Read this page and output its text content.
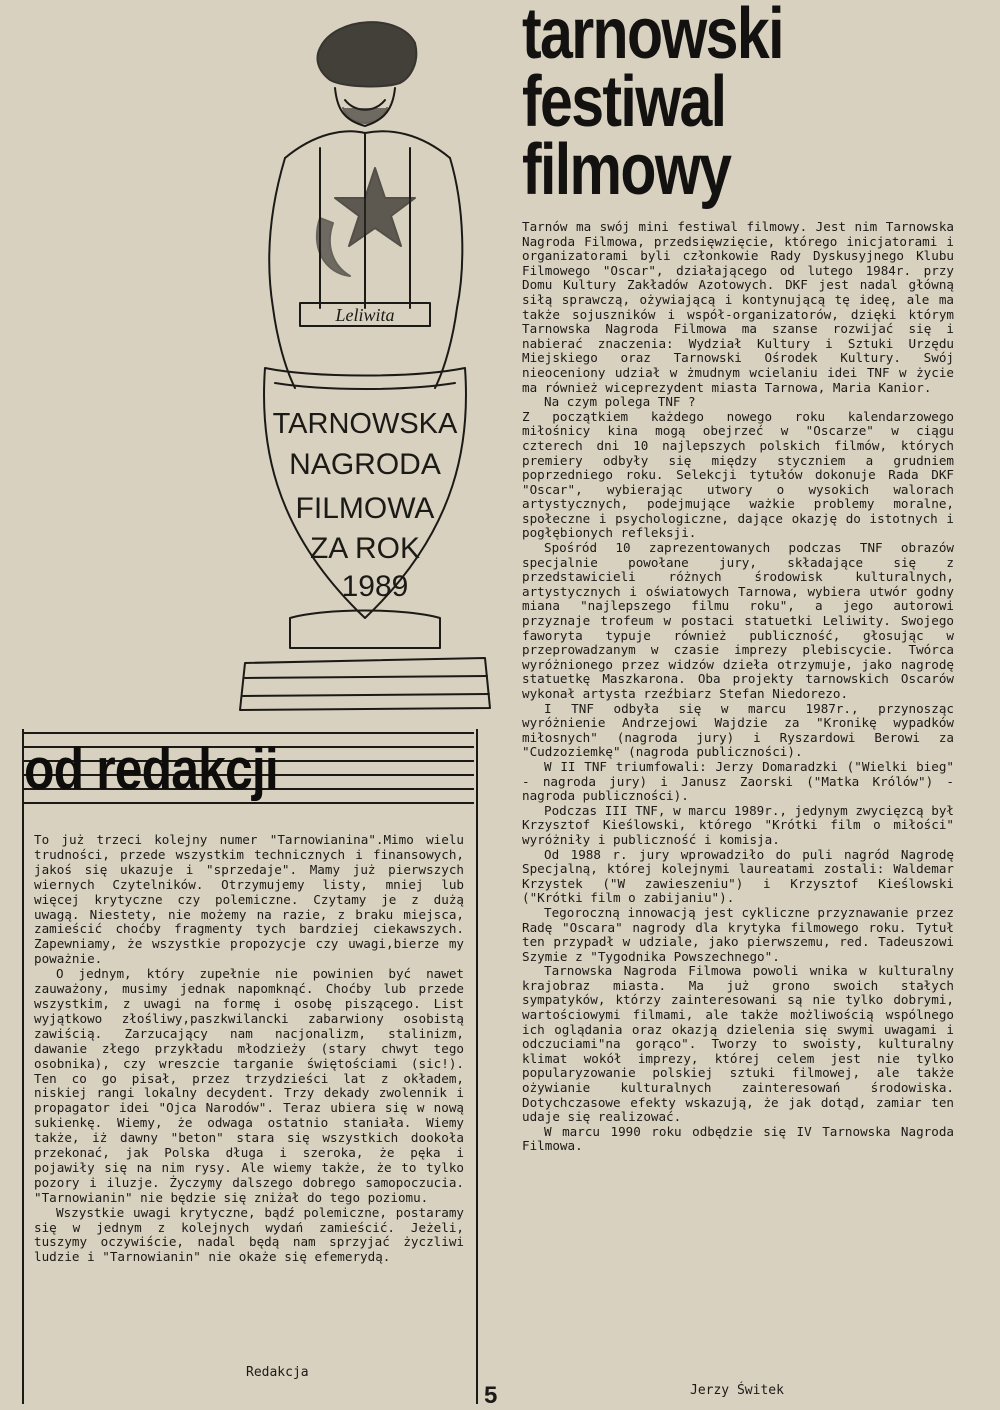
Leliwita
TARNOWSKA
NAGRODA
FILMOWA
ZA ROK
1989
tarnowski
festiwal
filmowy

Tarnów ma swój mini festiwal filmowy. Jest nim Tarnowska Nagroda Filmowa, przedsięwzięcie, którego inicjatorami i organizatorami byli członkowie Rady Dyskusyjnego Klubu Filmowego "Oscar", działającego od lutego 1984r. przy Domu Kultury Zakładów Azotowych. DKF jest nadal główną siłą sprawczą, ożywiającą i kontynującą tę ideę, ale ma także sojuszników i współ-organizatorów, dzięki którym Tarnowska Nagroda Filmowa ma szanse rozwijać się i nabierać znaczenia: Wydział Kultury i Sztuki Urzędu Miejskiego oraz Tarnowski Ośrodek Kultury. Swój nieoceniony udział w żmudnym wcielaniu idei TNF w życie ma również wiceprezydent miasta Tarnowa, Maria Kanior.

Na czym polega TNF ?

Z początkiem każdego nowego roku kalendarzowego miłośnicy kina mogą obejrzeć w "Oscarze" w ciągu czterech dni 10 najlepszych polskich filmów, których premiery odbyły się między styczniem a grudniem poprzedniego roku. Selekcji tytułów dokonuje Rada DKF "Oscar", wybierając utwory o wysokich walorach artystycznych, podejmujące ważkie problemy moralne, społeczne i psychologiczne, dające okazję do istotnych i pogłębionych refleksji.

Spośród 10 zaprezentowanych podczas TNF obrazów specjalnie powołane jury, składające się z przedstawicieli różnych środowisk kulturalnych, artystycznych i oświatowych Tarnowa, wybiera utwór godny miana "najlepszego filmu roku", a jego autorowi przyznaje trofeum w postaci statuetki Leliwity. Swojego faworyta typuje również publiczność, głosując w przeprowadzanym w czasie imprezy plebiscycie. Twórca wyróżnionego przez widzów dzieła otrzymuje, jako nagrodę statuetkę Maszkarona. Oba projekty tarnowskich Oscarów wykonał artysta rzeźbiarz Stefan Niedorezo.

I TNF odbyła się w marcu 1987r., przynosząc wyróżnienie Andrzejowi Wajdzie za "Kronikę wypadków miłosnych" (nagroda jury) i Ryszardowi Berowi za "Cudzoziemkę" (nagroda publiczności).

W II TNF triumfowali: Jerzy Domaradzki ("Wielki bieg" - nagroda jury) i Janusz Zaorski ("Matka Królów") - nagroda publiczności).

Podczas III TNF, w marcu 1989r., jedynym zwycięzcą był Krzysztof Kieślowski, którego "Krótki film o miłości" wyróżniły i publiczność i komisja.

Od 1988 r. jury wprowadziło do puli nagród Nagrodę Specjalną, której kolejnymi laureatami zostali: Waldemar Krzystek ("W zawieszeniu") i Krzysztof Kieślowski ("Krótki film o zabijaniu").

Tegoroczną innowacją jest cykliczne przyznawanie przez Radę "Oscara" nagrody dla krytyka filmowego roku. Tytuł ten przypadł w udziale, jako pierwszemu, red. Tadeuszowi Szymie z "Tygodnika Powszechnego".

Tarnowska Nagroda Filmowa powoli wnika w kulturalny krajobraz miasta. Ma już grono swoich stałych sympatyków, którzy zainteresowani są nie tylko dobrymi, wartościowymi filmami, ale także możliwością wspólnego ich oglądania oraz okazją dzielenia się swymi uwagami i odczuciami"na gorąco". Tworzy to swoisty, kulturalny klimat wokół imprezy, której celem jest nie tylko popularyzowanie polskiej sztuki filmowej, ale także ożywianie kulturalnych zainteresowań środowiska. Dotychczasowe efekty wskazują, że jak dotąd, zamiar ten udaje się realizować.

W marcu 1990 roku odbędzie się IV Tarnowska Nagroda Filmowa.

Jerzy Świtek
od redakcji

To już trzeci kolejny numer "Tarnowianina".Mimo wielu trudności, przede wszystkim technicznych i finansowych, jakoś się ukazuje i "sprzedaje". Mamy już pierwszych wiernych Czytelników. Otrzymujemy listy, mniej lub więcej krytyczne czy polemiczne. Czytamy je z dużą uwagą. Niestety, nie możemy na razie, z braku miejsca, zamieścić choćby fragmenty tych bardziej ciekawszych. Zapewniamy, że wszystkie propozycje czy uwagi,bierze my poważnie.

O jednym, który zupełnie nie powinien być nawet zauważony, musimy jednak napomknąć. Choćby lub przede wszystkim, z uwagi na formę i osobę piszącego. List wyjątkowo złośliwy,paszkwilancki zabarwiony osobistą zawiścią. Zarzucający nam nacjonalizm, stalinizm, dawanie złego przykładu młodzieży (stary chwyt tego osobnika), czy wreszcie targanie świętościami (sic!). Ten co go pisał, przez trzydzieści lat z okładem, niskiej rangi lokalny decydent. Trzy dekady zwolennik i propagator idei "Ojca Narodów". Teraz ubiera się w nową sukienkę. Wiemy, że odwaga ostatnio staniała. Wiemy także, iż dawny "beton" stara się wszystkich dookoła przekonać, jak Polska długa i szeroka, że pęka i pojawiły się na nim rysy. Ale wiemy także, że to tylko pozory i iluzje. Życzymy dalszego dobrego samopoczucia. "Tarnowianin" nie będzie się zniżał do tego poziomu.

Wszystkie uwagi krytyczne, bądź polemiczne, postaramy się w jednym z kolejnych wydań zamieścić. Jeżeli, tuszymy oczywiście, nadal będą nam sprzyjać życzliwi ludzie i "Tarnowianin" nie okaże się efemerydą.

Redakcja
5
